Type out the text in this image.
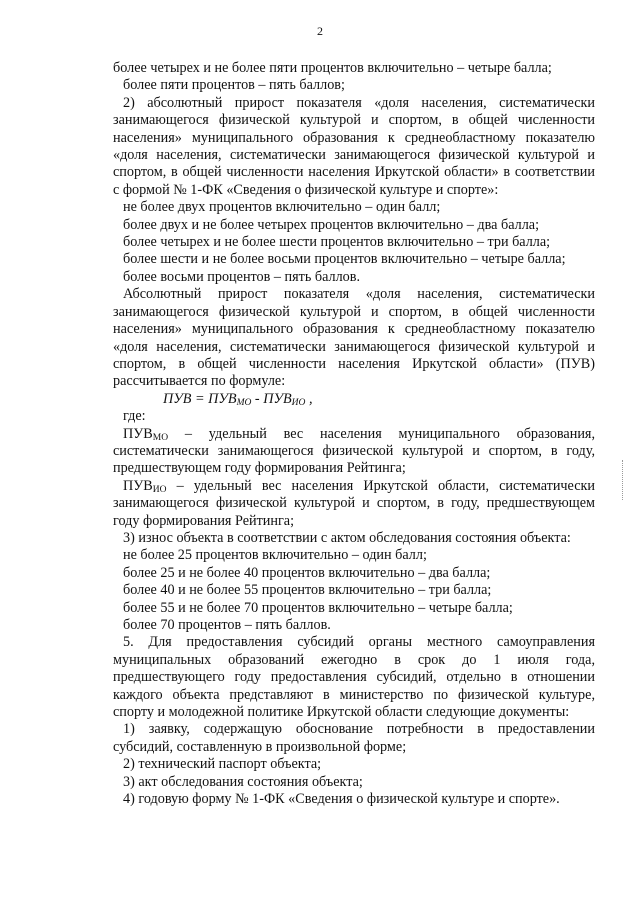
2

более четырех и не более пяти процентов включительно – четыре балла;

более пяти процентов – пять баллов;

2) абсолютный прирост показателя «доля населения, систематически занимающегося физической культурой и спортом, в общей численности населения» муниципального образования к среднеобластному показателю «доля населения, систематически занимающегося физической культурой и спортом, в общей численности населения Иркутской области» в соответствии с формой № 1-ФК «Сведения о физической культуре и спорте»:

не более двух процентов включительно – один балл;

более двух и не более четырех процентов включительно – два балла;

более четырех и не более шести процентов включительно – три балла;

более шести и не более восьми процентов включительно – четыре балла;

более восьми процентов – пять баллов.

Абсолютный прирост показателя «доля населения, систематически занимающегося физической культурой и спортом, в общей численности населения» муниципального образования к среднеобластному показателю «доля населения, систематически занимающегося физической культурой и спортом, в общей численности населения Иркутской области» (ПУВ) рассчитывается по формуле:

ПУВ = $ПУВ_{МО} - ПУВ_{ИО}$ ,

где:

$ПУВ_{МО}$ – удельный вес населения муниципального образования, систематически занимающегося физической культурой и спортом, в году, предшествующем году формирования Рейтинга;

$ПУВ_{ИО}$ – удельный вес населения Иркутской области, систематически занимающегося физической культурой и спортом, в году, предшествующем году формирования Рейтинга;

3) износ объекта в соответствии с актом обследования состояния объекта:

не более 25 процентов включительно – один балл;

более 25 и не более 40 процентов включительно – два балла;

более 40 и не более 55 процентов включительно – три балла;

более 55 и не более 70 процентов включительно – четыре балла;

более 70 процентов – пять баллов.

5. Для предоставления субсидий органы местного самоуправления муниципальных образований ежегодно в срок до 1 июля года, предшествующего году предоставления субсидий, отдельно в отношении каждого объекта представляют в министерство по физической культуре, спорту и молодежной политике Иркутской области следующие документы:

1) заявку, содержащую обоснование потребности в предоставлении субсидий, составленную в произвольной форме;

2) технический паспорт объекта;

3) акт обследования состояния объекта;

4) годовую форму № 1-ФК «Сведения о физической культуре и спорте».
